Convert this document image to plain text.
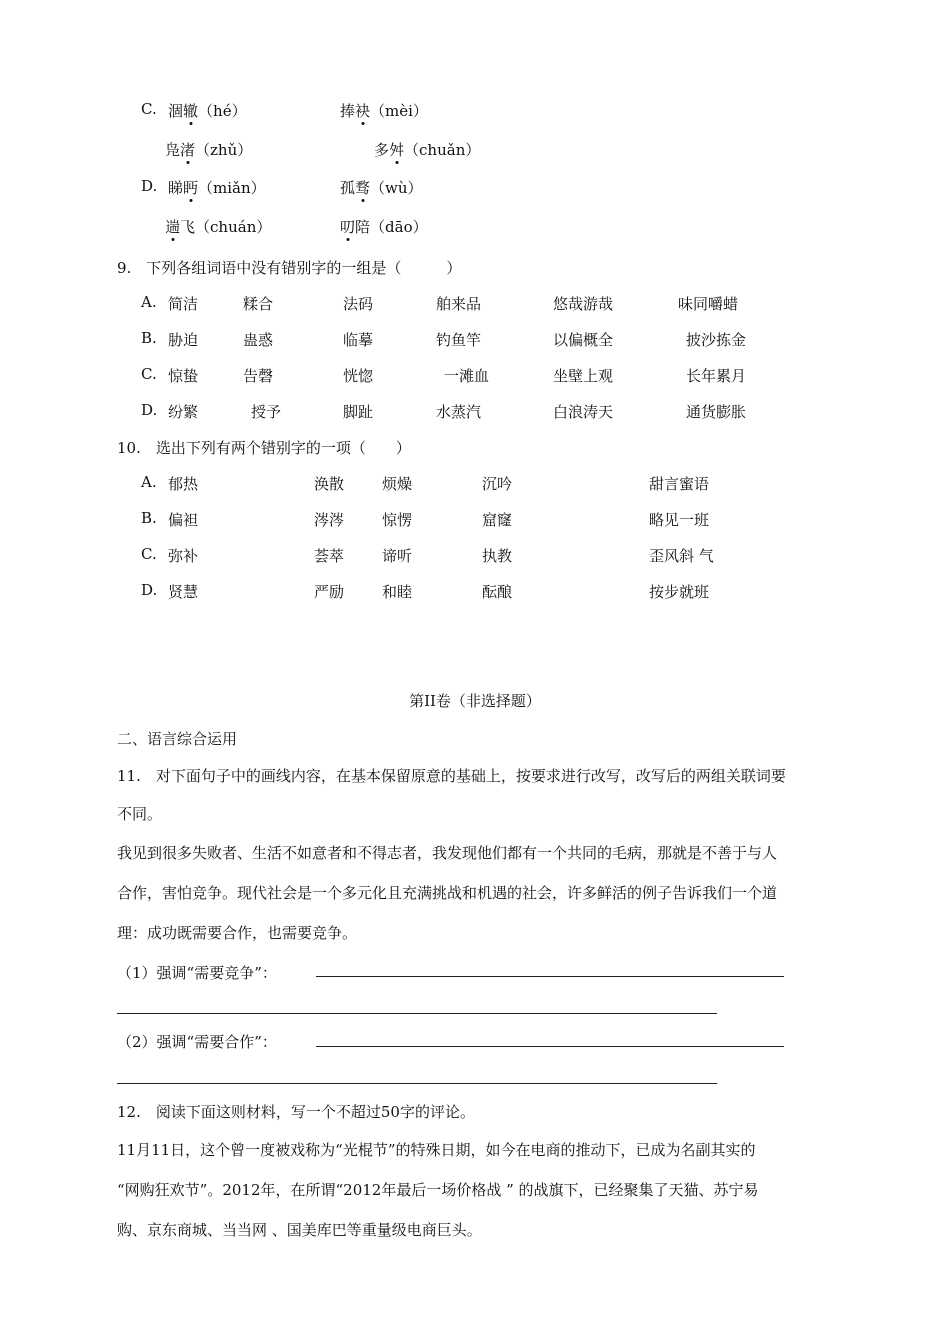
C. 涸辙（hé）	捧袂（mèi）
凫渚（zhǔ）	多舛（chuǎn）
D. 睇眄（miǎn）	孤骛（wù）
遄飞（chuán）	叨陪（dāo）
9.　下列各组词语中没有错别字的一组是（　　　）
A. 简洁	糅合	法码	舶来品	悠哉游哉	味同嚼蜡
B. 胁迫	蛊惑	临摹	钓鱼竿	以偏概全	披沙拣金
C. 惊蛰	告磬	恍惚	一滩血	坐壁上观	长年累月
D. 纷繁	授予	脚趾	水蒸汽	白浪涛天	通货膨胀
10.　选出下列有两个错别字的一项（　　）
A. 郁热	涣散	烦燥	沉吟	甜言蜜语
B. 偏袒	涔涔	惊愣	窟窿	略见一班
C. 弥补	荟萃	谛听	执教	歪风斜 气
D. 贤慧	严励	和睦	酝酿	按步就班
第II卷（非选择题）
二、语言综合运用
11.　对下面句子中的画线内容，在基本保留原意的基础上，按要求进行改写，改写后的两组关联词要
不同。
我见到很多失败者、生活不如意者和不得志者，我发现他们都有一个共同的毛病，那就是不善于与人
合作，害怕竞争。现代社会是一个多元化且充满挑战和机遇的社会，许多鲜活的例子告诉我们一个道
理：成功既需要合作，也需要竞争。
（1）强调“需要竞争”：
（2）强调“需要合作”：
12.　阅读下面这则材料，写一个不超过50字的评论。
11月11日，这个曾一度被戏称为“光棍节”的特殊日期，如今在电商的推动下，已成为名副其实的
“网购狂欢节”。2012年，在所谓“2012年最后一场价格战 ” 的战旗下，已经聚集了天猫、苏宁易
购、京东商城、当当网 、国美库巴等重量级电商巨头。
